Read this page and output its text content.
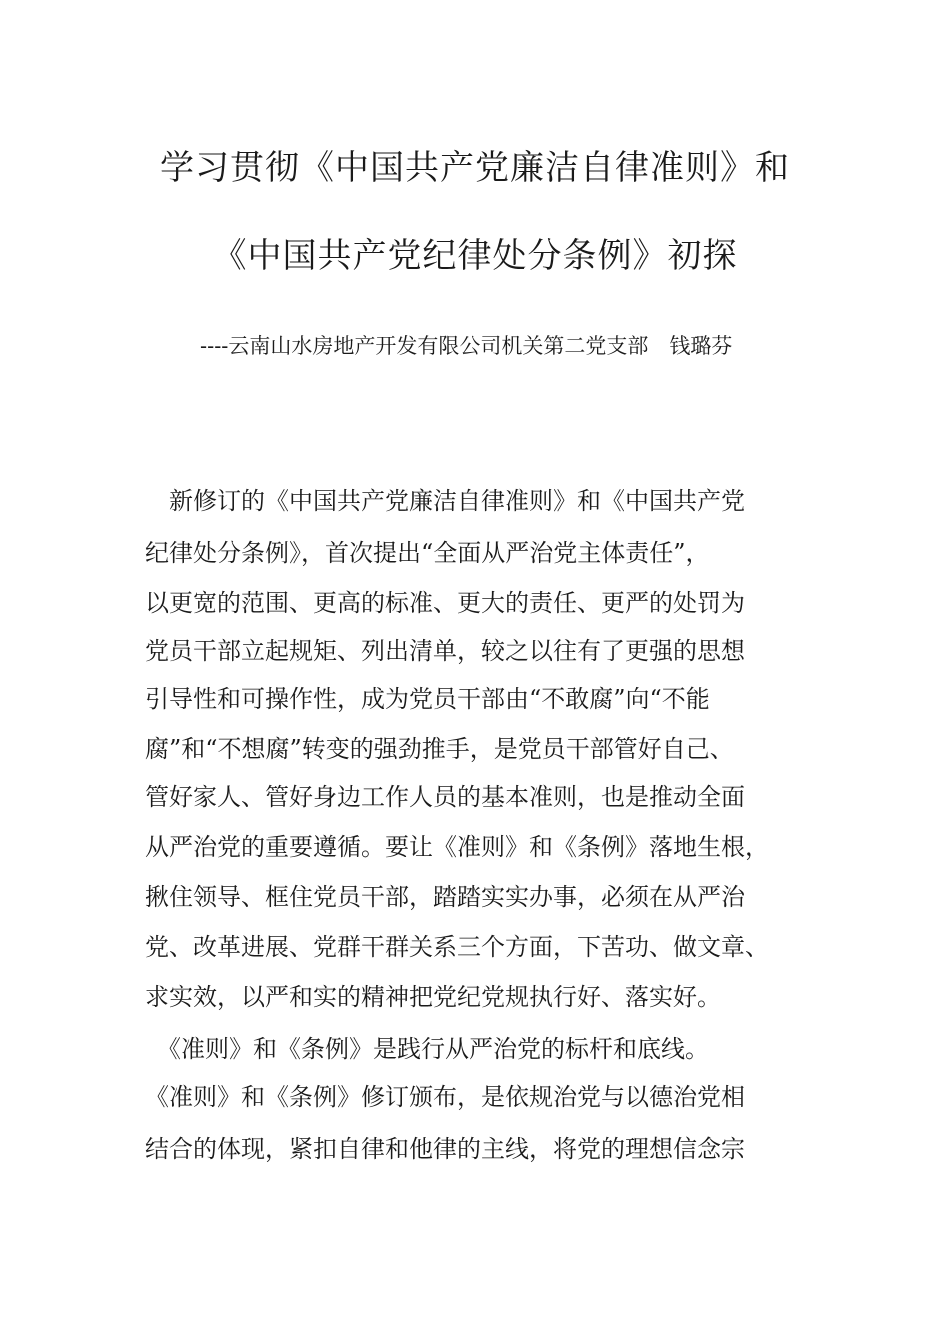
学习贯彻《中国共产党廉洁自律准则》和
《中国共产党纪律处分条例》初探
----云南山水房地产开发有限公司机关第二党支部　钱璐芬
　新修订的《中国共产党廉洁自律准则》和《中国共产党
纪律处分条例》，首次提出“全面从严治党主体责任”，
以更宽的范围、更高的标准、更大的责任、更严的处罚为
党员干部立起规矩、列出清单，较之以往有了更强的思想
引导性和可操作性，成为党员干部由“不敢腐”向“不能
腐”和“不想腐”转变的强劲推手，是党员干部管好自己、
管好家人、管好身边工作人员的基本准则，也是推动全面
从严治党的重要遵循。要让《准则》和《条例》落地生根，
揪住领导、框住党员干部，踏踏实实办事，必须在从严治
党、改革进展、党群干群关系三个方面，下苦功、做文章、
求实效，以严和实的精神把党纪党规执行好、落实好。
　《准则》和《条例》是践行从严治党的标杆和底线。
《准则》和《条例》修订颁布，是依规治党与以德治党相
结合的体现，紧扣自律和他律的主线，将党的理想信念宗
